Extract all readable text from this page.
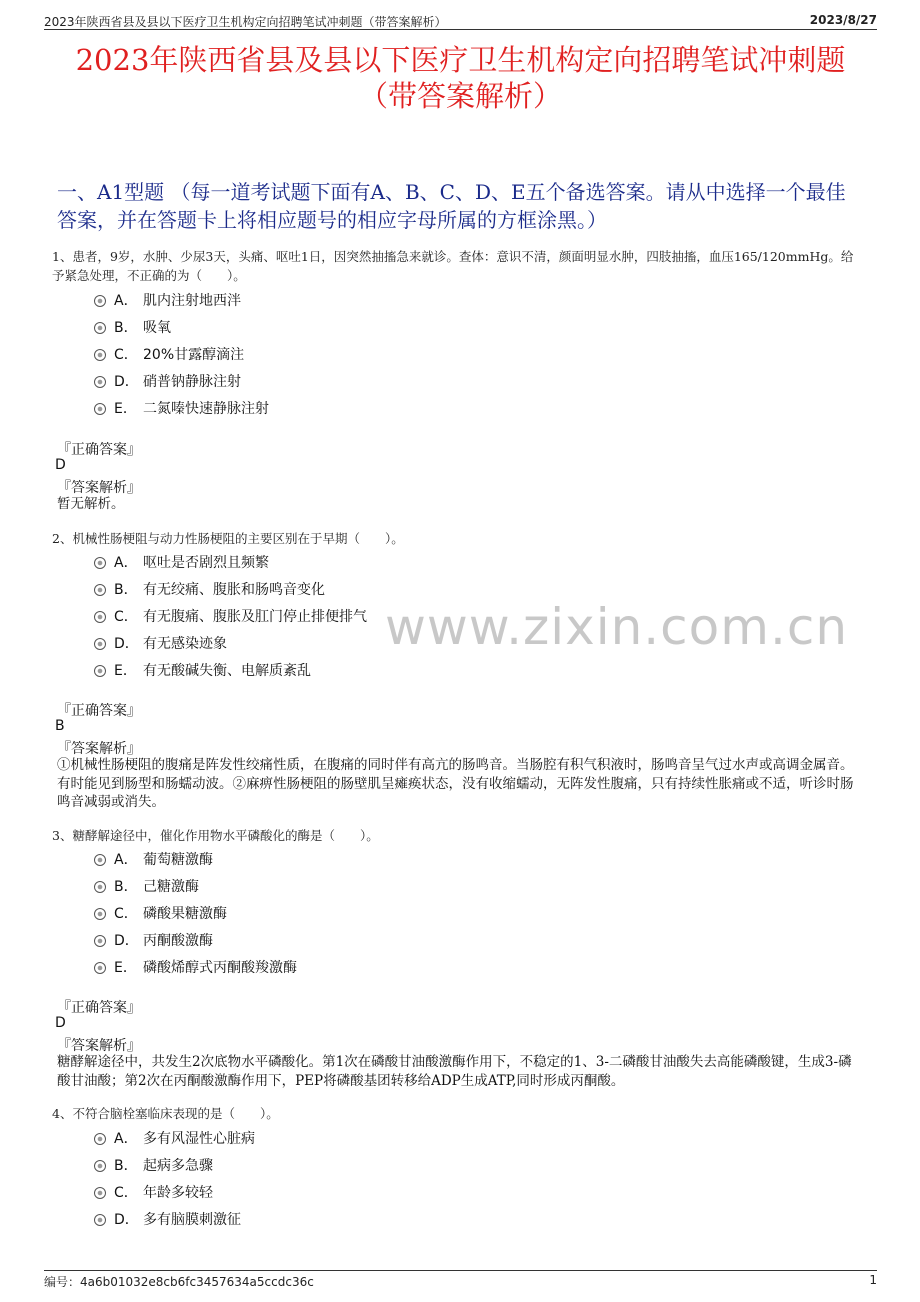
2023年陕西省县及县以下医疗卫生机构定向招聘笔试冲刺题（带答案解析）	2023/8/27
2023年陕西省县及县以下医疗卫生机构定向招聘笔试冲刺题
（带答案解析）
一、A1型题 （每一道考试题下面有A、B、C、D、E五个备选答案。请从中选择一个最佳答案，并在答题卡上将相应题号的相应字母所属的方框涂黑。）
www.zixin.com.cn
1、患者，9岁，水肿、少尿3天，头痛、呕吐1日，因突然抽搐急来就诊。查体：意识不清，颜面明显水肿，四肢抽搐，血压165/120mmHg。给予紧急处理，不正确的为（　　）。
A． 肌内注射地西泮
B． 吸氧
C． 20%甘露醇滴注
D． 硝普钠静脉注射
E． 二氮嗪快速静脉注射
『正确答案』
D
『答案解析』
暂无解析。
2、机械性肠梗阻与动力性肠梗阻的主要区别在于早期（　　）。
A． 呕吐是否剧烈且频繁
B． 有无绞痛、腹胀和肠鸣音变化
C． 有无腹痛、腹胀及肛门停止排便排气
D． 有无感染迹象
E． 有无酸碱失衡、电解质紊乱
『正确答案』
B
『答案解析』
①机械性肠梗阻的腹痛是阵发性绞痛性质，在腹痛的同时伴有高亢的肠鸣音。当肠腔有积气积液时，肠鸣音呈气过水声或高调金属音。有时能见到肠型和肠蠕动波。②麻痹性肠梗阻的肠壁肌呈瘫痪状态，没有收缩蠕动，无阵发性腹痛，只有持续性胀痛或不适，听诊时肠鸣音减弱或消失。
3、糖酵解途径中，催化作用物水平磷酸化的酶是（　　）。
A． 葡萄糖激酶
B． 己糖激酶
C． 磷酸果糖激酶
D． 丙酮酸激酶
E． 磷酸烯醇式丙酮酸羧激酶
『正确答案』
D
『答案解析』
糖酵解途径中，共发生2次底物水平磷酸化。第1次在磷酸甘油酸激酶作用下，不稳定的1、3-二磷酸甘油酸失去高能磷酸键，生成3-磷酸甘油酸；第2次在丙酮酸激酶作用下，PEP将磷酸基团转移给ADP生成ATP,同时形成丙酮酸。
4、不符合脑栓塞临床表现的是（　　）。
A． 多有风湿性心脏病
B． 起病多急骤
C． 年龄多较轻
D． 多有脑膜刺激征
编号：4a6b01032e8cb6fc3457634a5ccdc36c	1
